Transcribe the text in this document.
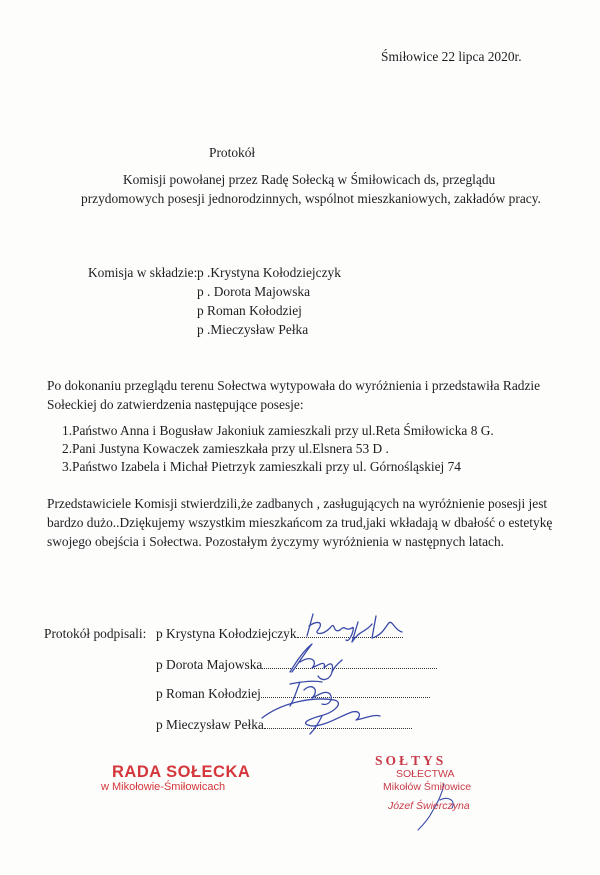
Śmiłowice 22 lipca 2020r.
Protokół
Komisji powołanej przez Radę Sołecką w Śmiłowicach ds, przeglądu
przydomowych posesji jednorodzinnych, wspólnot mieszkaniowych, zakładów pracy.
Komisja w składzie: p .Krystyna Kołodziejczyk
p . Dorota Majowska
p Roman Kołodziej
p .Mieczysław Pełka
Po dokonaniu przeglądu terenu Sołectwa wytypowała do wyróżnienia i przedstawiła Radzie
Sołeckiej do zatwierdzenia następujące posesje:
1.Państwo Anna i Bogusław Jakoniuk zamieszkali przy ul.Reta Śmiłowicka 8 G.
2.Pani Justyna Kowaczek zamieszkała przy ul.Elsnera 53 D .
3.Państwo Izabela i Michał Pietrzyk zamieszkali przy ul. Górnośląskiej 74
Przedstawiciele Komisji stwierdzili,że zadbanych , zasługujących na wyróżnienie posesji jest
bardzo dużo..Dziękujemy wszystkim mieszkańcom za trud,jaki wkładają w dbałość o estetykę
swojego obejścia i Sołectwa. Pozostałym życzymy wyróżnienia w następnych latach.
Protokół podpisali: p Krystyna Kołodziejczyk
p Dorota Majowska
p Roman Kołodziej
p Mieczysław Pełka
RADA SOŁECKA
w Mikołowie-Śmiłowicach
SOŁTYS
SOŁECTWA
Mikołów Śmiłowice
Józef Świerczyna
